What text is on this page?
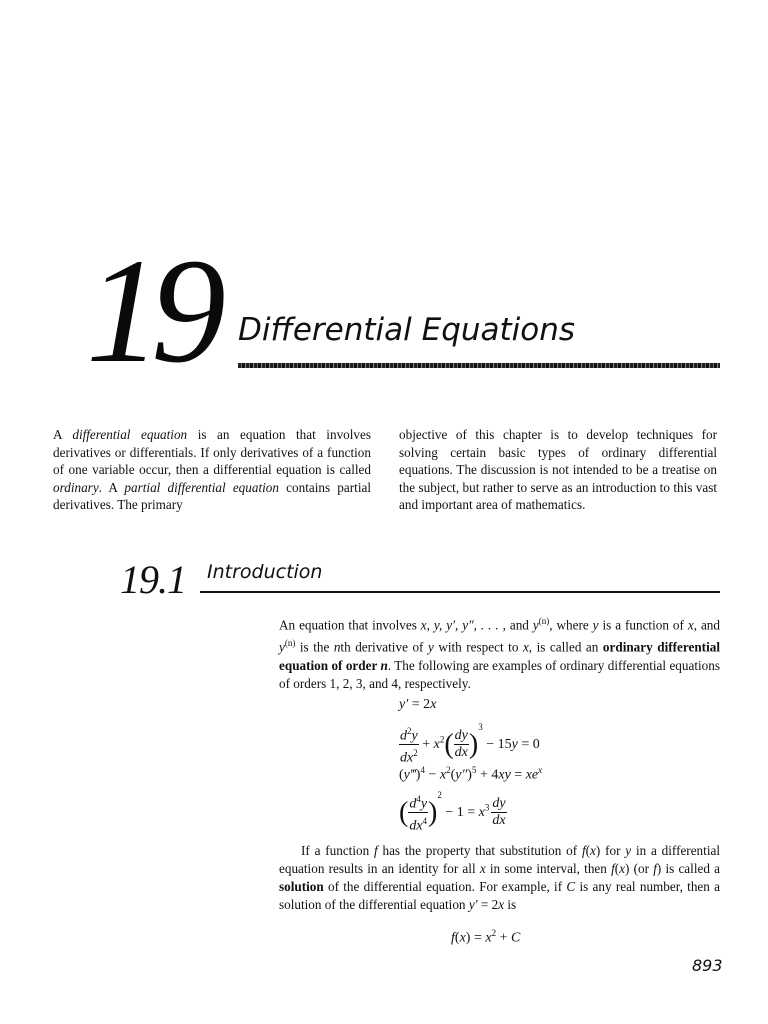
19 Differential Equations
A differential equation is an equation that involves derivatives or differentials. If only derivatives of a function of one variable occur, then a differential equation is called ordinary. A partial differential equation contains partial derivatives. The primary
objective of this chapter is to develop techniques for solving certain basic types of ordinary differential equations. The discussion is not intended to be a treatise on the subject, but rather to serve as an introduction to this vast and important area of mathematics.
19.1 Introduction
An equation that involves x, y, y′, y″, . . . , and $y^{(n)}$, where y is a function of x, and $y^{(n)}$ is the nth derivative of y with respect to x, is called an ordinary differential equation of order n. The following are examples of ordinary differential equations of orders 1, 2, 3, and 4, respectively.
y′ = 2x
$\frac{d^2y}{dx^2} + x^2( \frac{dy}{dx} )^3 - 15y = 0$
(y‴)$^4$ − $x^2(y'')^5 + 4xy = xe^x$
( $\frac{d^4y}{dx^4} )^2 - 1 = x^3 \frac{dy}{dx}$
If a function f has the property that substitution of f(x) for y in a differential equation results in an identity for all x in some interval, then f(x) (or f) is called a solution of the differential equation. For example, if C is any real number, then a solution of the differential equation y′ = 2x is
$f(x) = x^2 + C$
893
